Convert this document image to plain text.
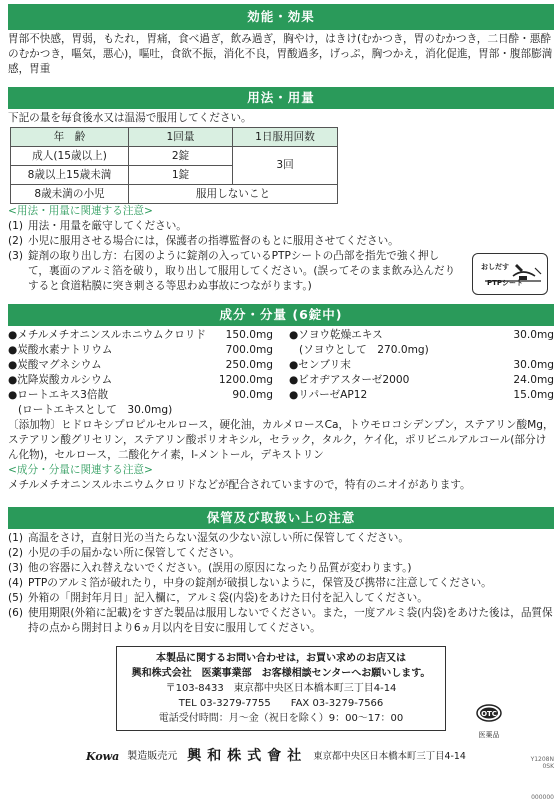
効能・効果
胃部不快感，胃弱，もたれ，胃痛，食べ過ぎ，飲み過ぎ，胸やけ，はきけ(むかつき，胃のむかつき，二日酔・悪酔のむかつき，嘔気，悪心)，嘔吐，食欲不振，消化不良，胃酸過多，げっぷ，胸つかえ，消化促進，胃部・腹部膨満感，胃重
用法・用量
下記の量を毎食後水又は温湯で服用してください。
年　齢	1回量	1日服用回数
成人(15歳以上)	2錠	3回
8歳以上15歳未満	1錠	
8歳未満の小児	服用しないこと	
<用法・用量に関連する注意>
(1) 用法・用量を厳守してください。
(2) 小児に服用させる場合には，保護者の指導監督のもとに服用させてください。
(3) 錠剤の取り出し方：右図のように錠剤の入っているPTPシートの凸部を指先で強く押して，裏面のアルミ箔を破り，取り出して服用してください。(誤ってそのまま飲み込んだりすると食道粘膜に突き刺さる等思わぬ事故につながります。)
おしだす
PTPシート
成分・分量 (6錠中)
●メチルメチオニンスルホニウムクロリド 150.0mg
●炭酸水素ナトリウム	700.0mg
●炭酸マグネシウム	250.0mg
●沈降炭酸カルシウム	1200.0mg
●ロートエキス3倍散	90.0mg
(ロートエキスとして　30.0mg)
●ソヨウ乾燥エキス	30.0mg
(ソヨウとして　270.0mg)
●センブリ末	30.0mg
●ビオヂアスターゼ2000	24.0mg
●リパーゼAP12	15.0mg
〔添加物〕ヒドロキシプロピルセルロース，硬化油，カルメロースCa，トウモロコシデンプン，ステアリン酸Mg，ステアリン酸グリセリン，ステアリン酸ポリオキシル，セラック，タルク，ケイ化，ポリビニルアルコール(部分けん化物)，セルロース，二酸化ケイ素，l-メントール，デキストリン
<成分・分量に関連する注意>
メチルメチオニンスルホニウムクロリドなどが配合されていますので，特有のニオイがあります。
保管及び取扱い上の注意
(1) 高温をさけ，直射日光の当たらない湿気の少ない涼しい所に保管してください。
(2) 小児の手の届かない所に保管してください。
(3) 他の容器に入れ替えないでください。(誤用の原因になったり品質が変わります。)
(4) PTPのアルミ箔が破れたり，中身の錠剤が破損しないように，保管及び携帯に注意してください。
(5) 外箱の「開封年月日」記入欄に，アルミ袋(内袋)をあけた日付を記入してください。
(6) 使用期限(外箱に記載)をすぎた製品は服用しないでください。また，一度アルミ袋(内袋)をあけた後は，品質保持の点から開封日より6ヵ月以内を目安に服用してください。
本製品に関するお問い合わせは，お買い求めのお店又は
興和株式会社　医薬事業部　お客様相談センターへお願いします。
〒103-8433　東京都中央区日本橋本町三丁目4-14
TEL 03-3279-7755　　FAX 03-3279-7566
電話受付時間：月～金（祝日を除く）9：00～17：00	OTC
医薬品
Kowa 製造販売元 興和株式會社 東京都中央区日本橋本町三丁目4-14	Y1208N
0SK
000000
